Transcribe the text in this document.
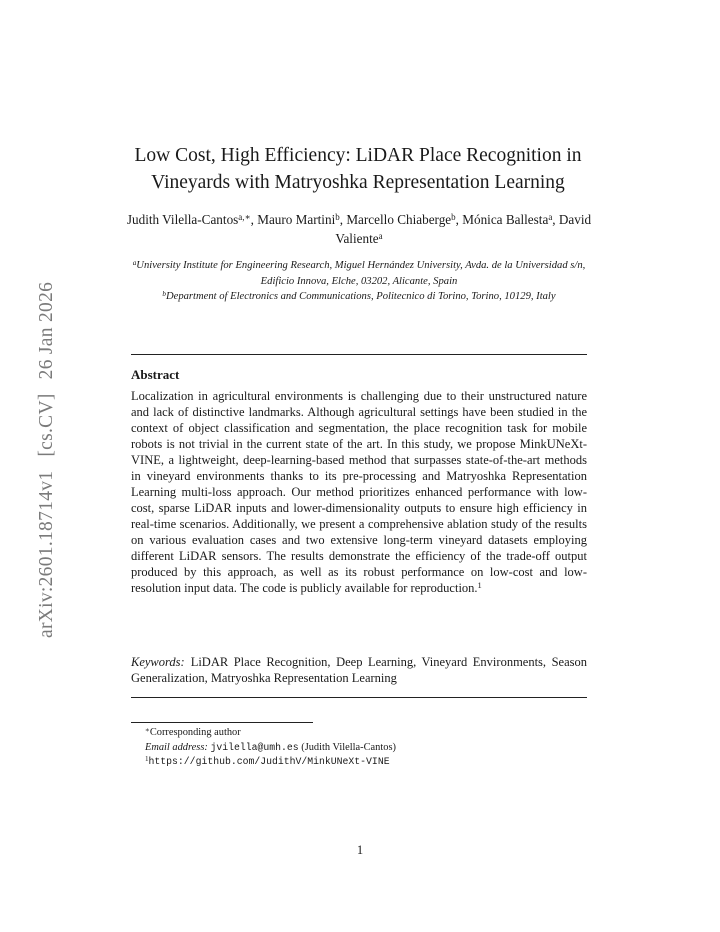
arXiv:2601.18714v1[cs.CV]26 Jan 2026
Low Cost, High Efficiency: LiDAR Place Recognition in
Vineyards with Matryoshka Representation Learning
Judith Vilella-Cantos$^{a,∗}$, Mauro Martini$^b$, Marcello Chiaberge$^b$, Mónica Ballesta$^a$, David Valiente$^a$
$^a$University Institute for Engineering Research, Miguel Hernández University, Avda. de la Universidad s/n, Edificio Innova, Elche, 03202, Alicante, Spain
$^b$Department of Electronics and Communications, Politecnico di Torino, Torino, 10129, Italy
Abstract
Localization in agricultural environments is challenging due to their unstructured nature and lack of distinctive landmarks. Although agricultural settings have been studied in the context of object classification and segmentation, the place recognition task for mobile robots is not trivial in the current state of the art. In this study, we propose MinkUNeXt-VINE, a lightweight, deep-learning-based method that surpasses state-of-the-art methods in vineyard environments thanks to its pre-processing and Matryoshka Representation Learning multi-loss approach. Our method prioritizes enhanced performance with low-cost, sparse LiDAR inputs and lower-dimensionality outputs to ensure high efficiency in real-time scenarios. Additionally, we present a comprehensive ablation study of the results on various evaluation cases and two extensive long-term vineyard datasets employing different LiDAR sensors. The results demonstrate the efficiency of the trade-off output produced by this approach, as well as its robust performance on low-cost and low-resolution input data. The code is publicly available for reproduction.$^1$
Keywords: LiDAR Place Recognition, Deep Learning, Vineyard Environments, Season Generalization, Matryoshka Representation Learning

∗Corresponding author

Email address: jvilella@umh.es (Judith Vilella-Cantos)

$^1$https://github.com/JudithV/MinkUNeXt-VINE

1
